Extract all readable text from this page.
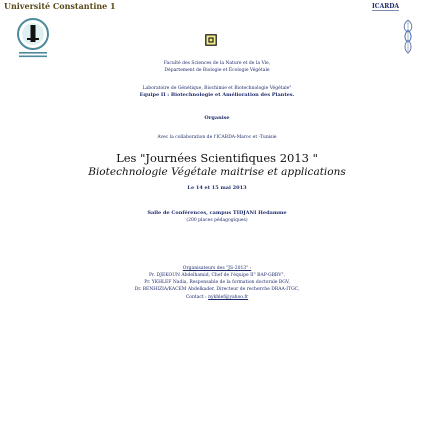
Université Constantine 1	ICARDA
Faculté des Sciences de la Nature et de la Vie,
Département de Biologie et Écologie Végétale
Laboratoire de Génétique, Biochimie et Biotechnologie Végétale"
Equipe II : Biotechnologie et Amélioration des Plantes.
Organise
Avec la collaboration de l'ICARDA-Maroc et -Tunisie
Les "Journées Scientifiques 2013 "
Biotechnologie Végétale maitrise et applications
Le 14 et 15 mai 2013
Salle de Conférences, campus TIDJANI Hedamme
(200 places pédagogiques)
Organisateurs des "JS-2013" :
Pr. DJEKOUN Abdelhamid, Chef de l'équipe II" BAP-GBBV",
Pr. YKHLEF Nadia, Responsable de la formation doctorale BGV,
Dr. BENHIZIA/KACEM Abdelkader, Directeur de recherche DRAA-ITGC,
Contact : nykhlef@yahoo.fr
